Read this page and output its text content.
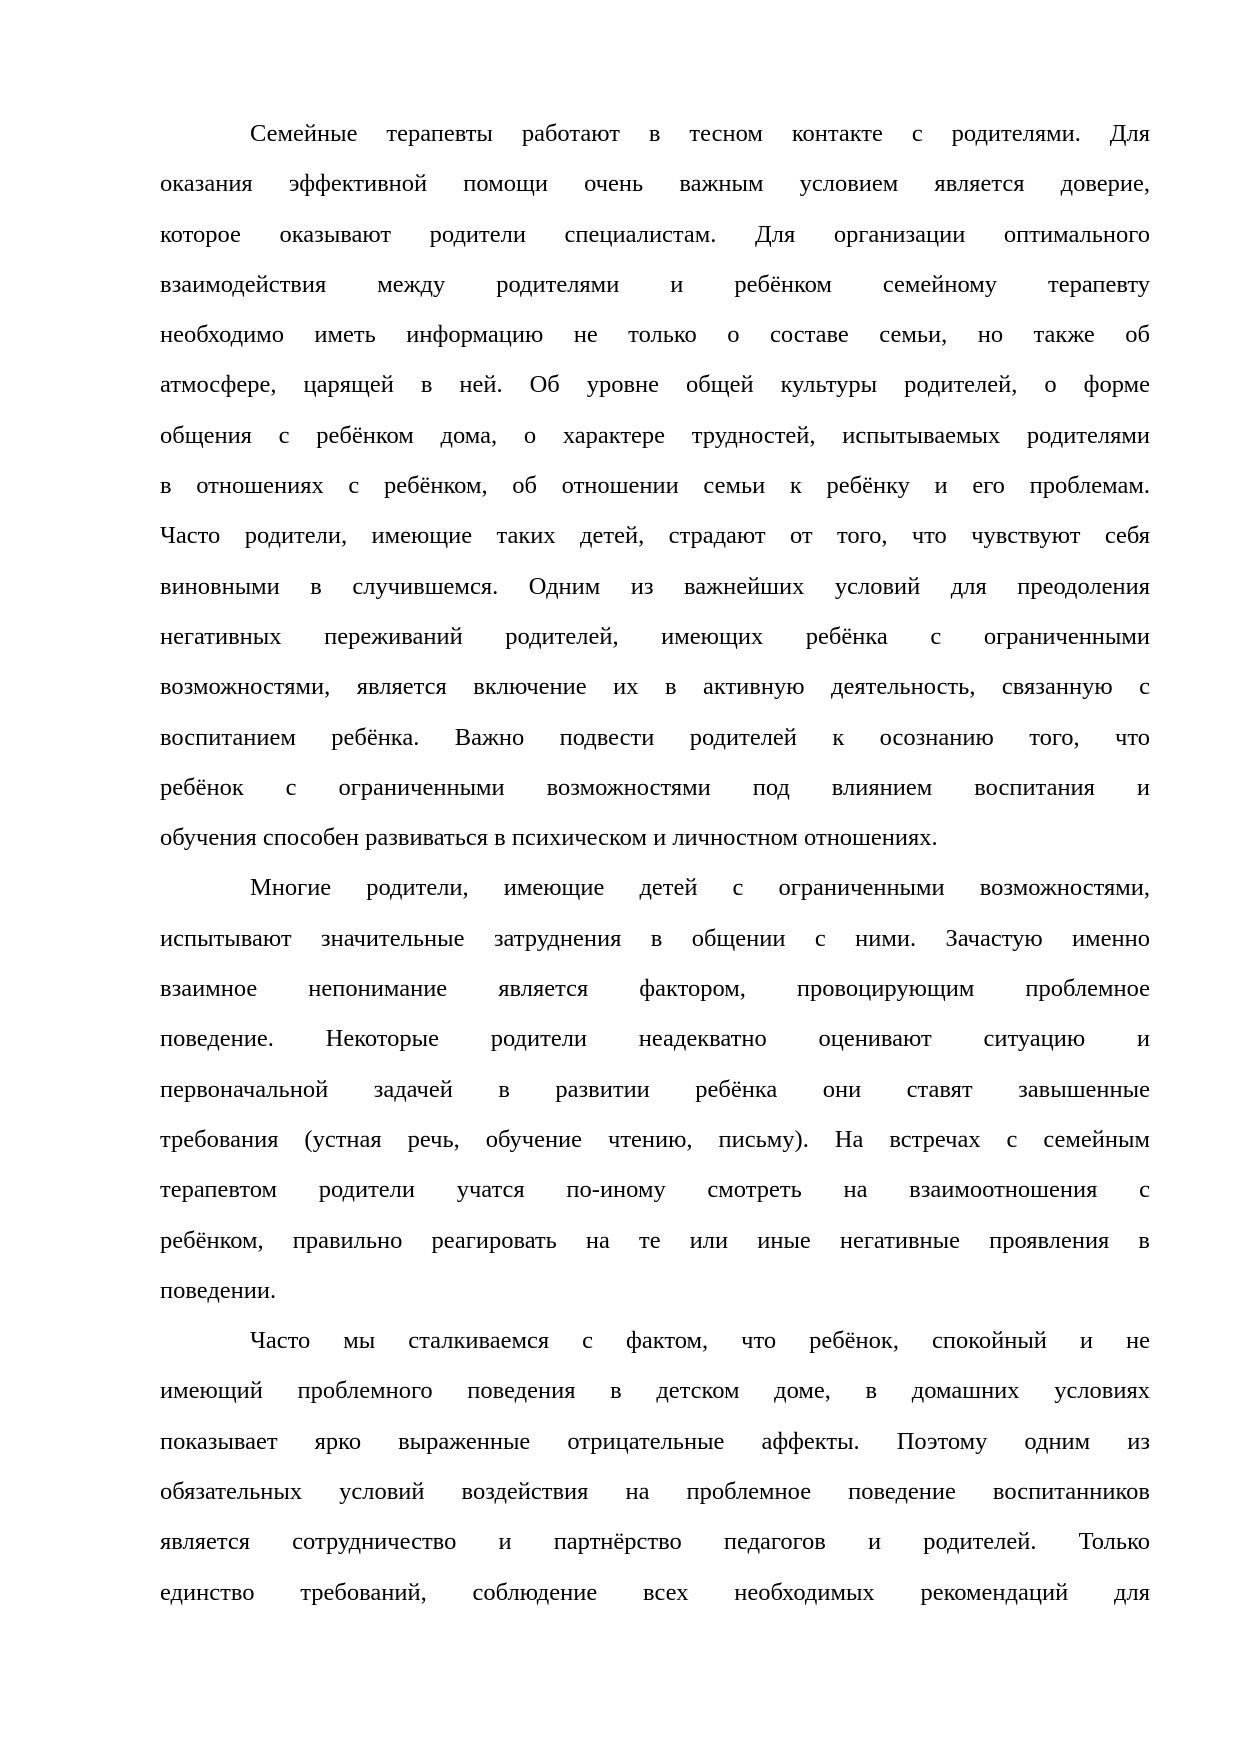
Семейные терапевты работают в тесном контакте с родителями. Для
оказания эффективной помощи очень важным условием является доверие,
которое оказывают родители специалистам. Для организации оптимального
взаимодействия между родителями и ребёнком семейному терапевту
необходимо иметь информацию не только о составе семьи, но также об
атмосфере, царящей в ней. Об уровне общей культуры родителей, о форме
общения с ребёнком дома, о характере трудностей, испытываемых родителями
в отношениях с ребёнком, об отношении семьи к ребёнку и его проблемам.
Часто родители, имеющие таких детей, страдают от того, что чувствуют себя
виновными в случившемся. Одним из важнейших условий для преодоления
негативных переживаний родителей, имеющих ребёнка с ограниченными
возможностями, является включение их в активную деятельность, связанную с
воспитанием ребёнка. Важно подвести родителей к осознанию того, что
ребёнок с ограниченными возможностями под влиянием воспитания и
обучения способен развиваться в психическом и личностном отношениях.
Многие родители, имеющие детей с ограниченными возможностями,
испытывают значительные затруднения в общении с ними. Зачастую именно
взаимное непонимание является фактором, провоцирующим проблемное
поведение. Некоторые родители неадекватно оценивают ситуацию и
первоначальной задачей в развитии ребёнка они ставят завышенные
требования (устная речь, обучение чтению, письму). На встречах с семейным
терапевтом родители учатся по-иному смотреть на взаимоотношения с
ребёнком, правильно реагировать на те или иные негативные проявления в
поведении.
Часто мы сталкиваемся с фактом, что ребёнок, спокойный и не
имеющий проблемного поведения в детском доме, в домашних условиях
показывает ярко выраженные отрицательные аффекты. Поэтому одним из
обязательных условий воздействия на проблемное поведение воспитанников
является сотрудничество и партнёрство педагогов и родителей. Только
единство требований, соблюдение всех необходимых рекомендаций для
